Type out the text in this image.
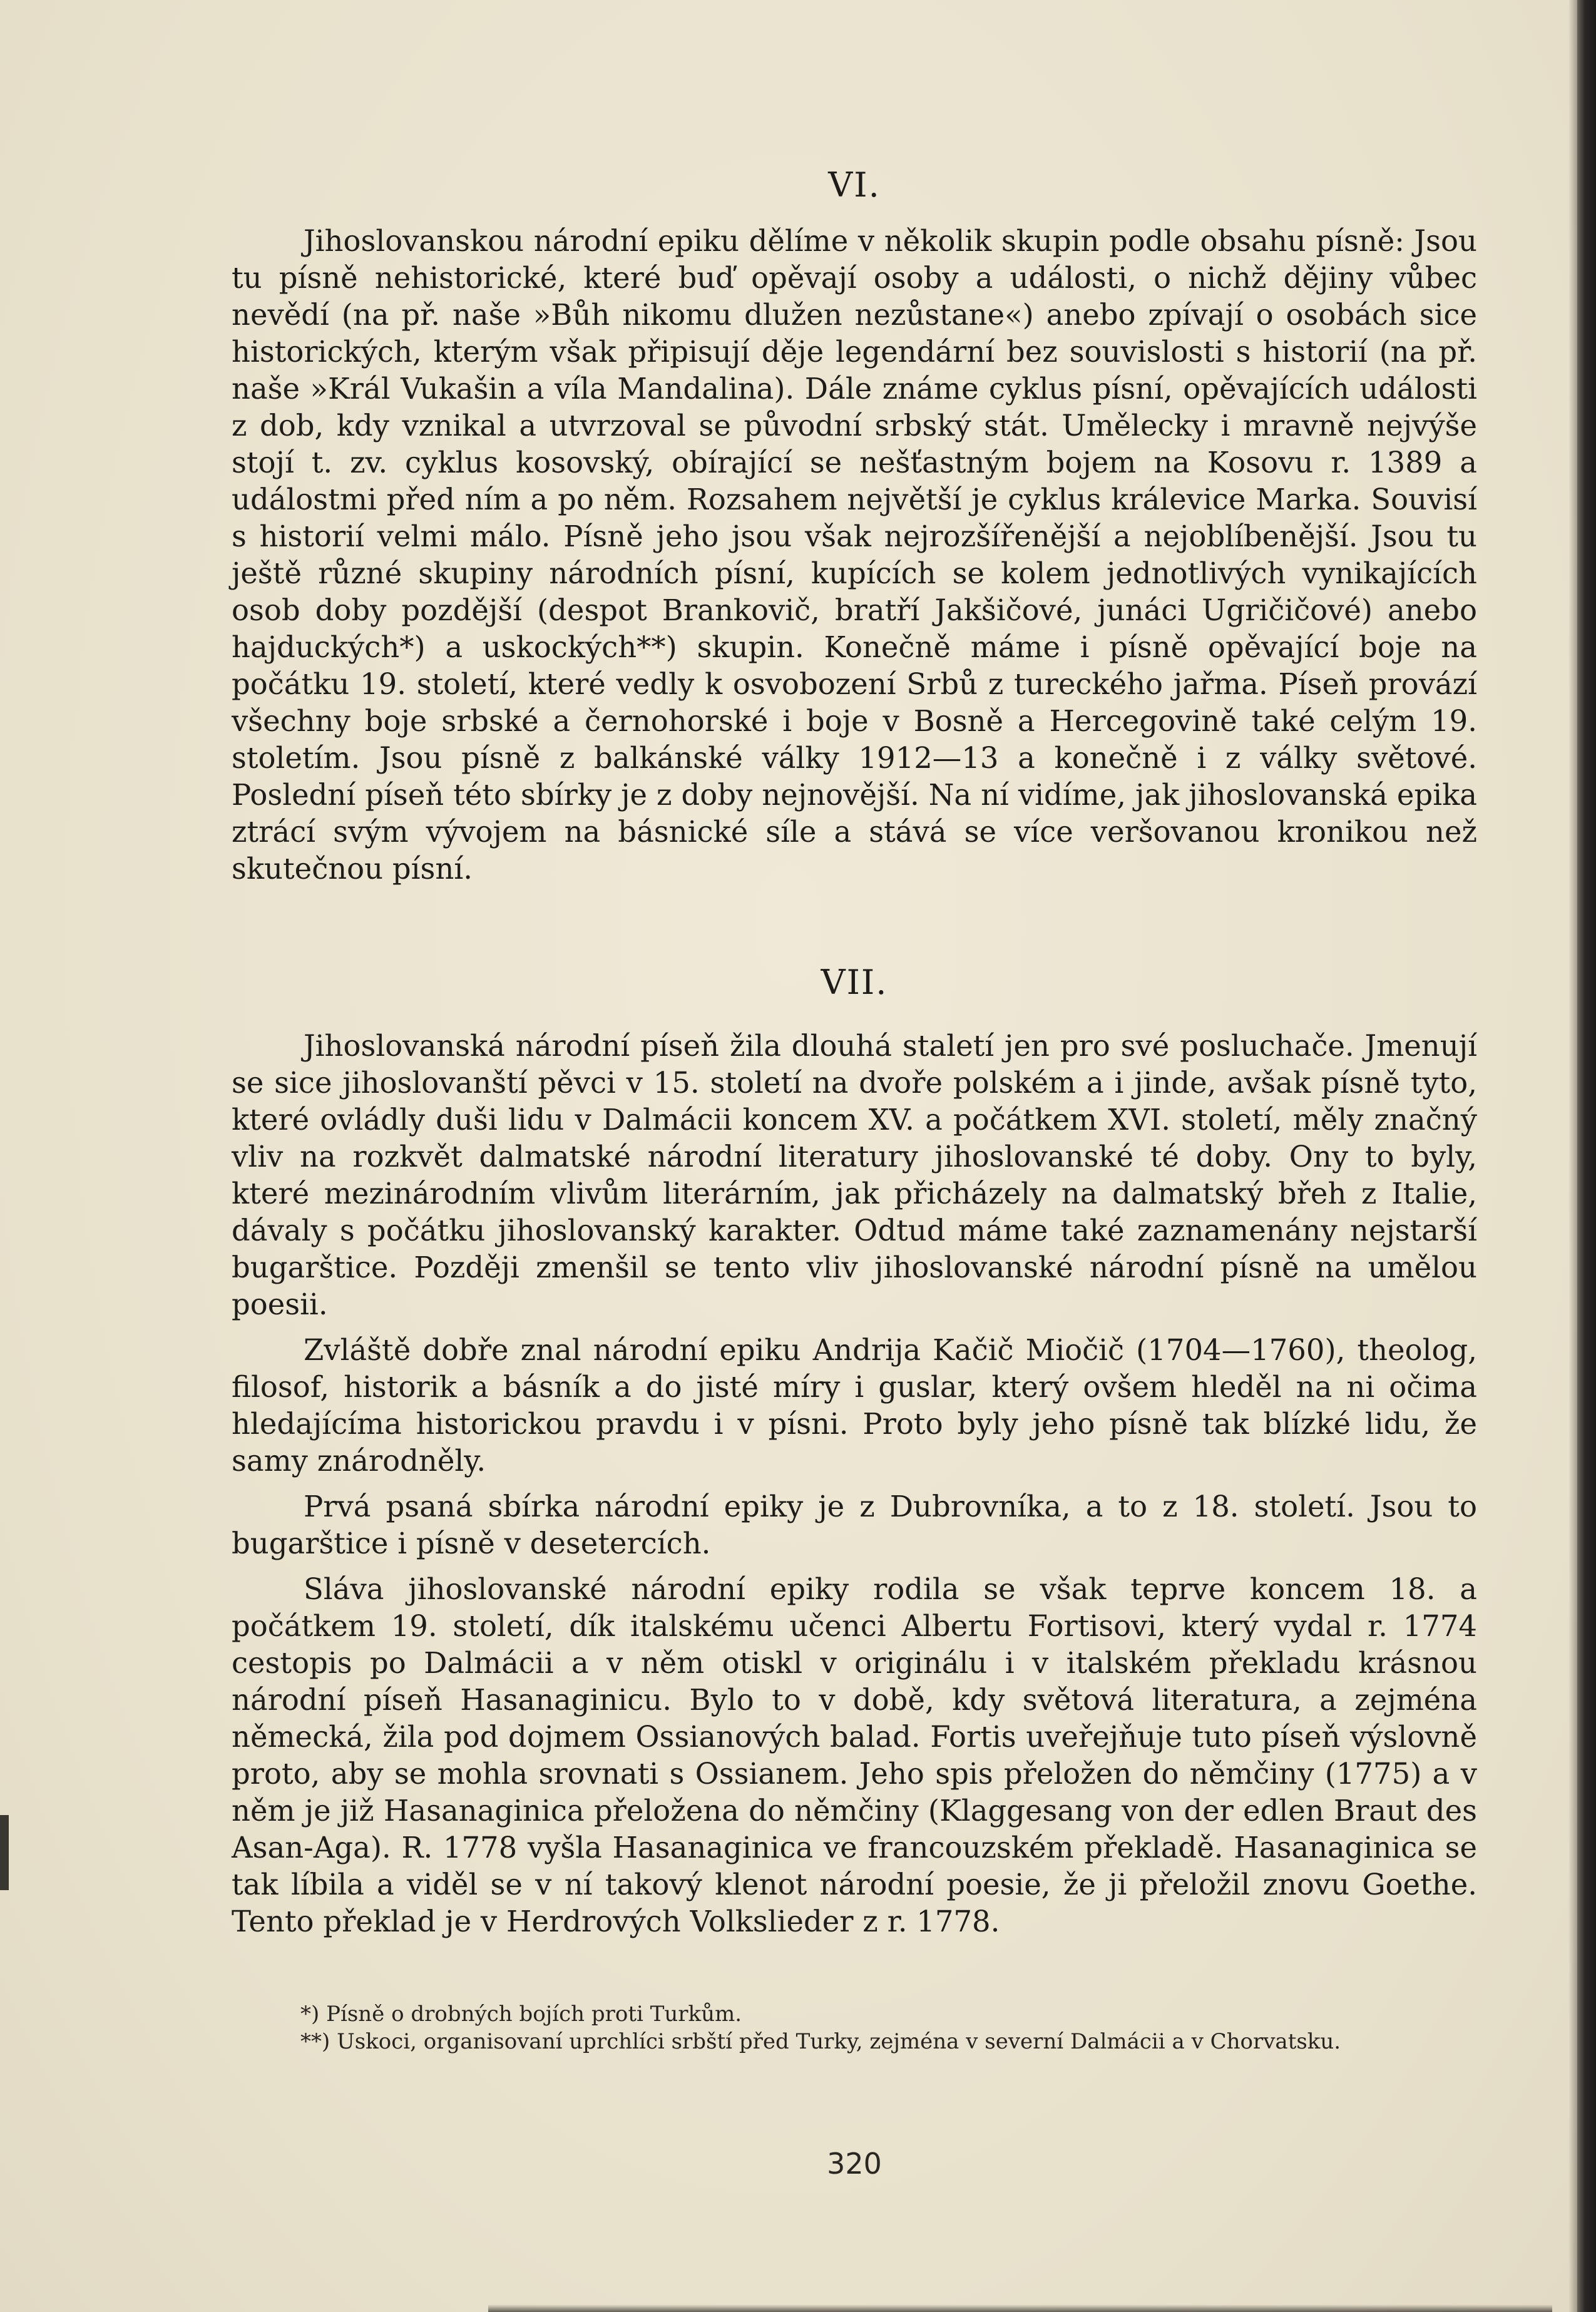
VI.

Jihoslovanskou národní epiku dělíme v několik skupin podle obsahu písně: Jsou tu písně nehistorické, které buď opěvají osoby a události, o nichž dějiny vůbec nevědí (na př. naše »Bůh nikomu dlužen nezůstane«) anebo zpívají o osobách sice historických, kterým však připisují děje legendární bez souvislosti s historií (na př. naše »Král Vukašin a víla Mandalina). Dále známe cyklus písní, opěvajících události z dob, kdy vznikal a utvrzoval se původní srbský stát. Umělecky i mravně nejvýše stojí t. zv. cyklus kosovský, obírající se nešťastným bojem na Kosovu r. 1389 a událostmi před ním a po něm. Rozsahem největší je cyklus králevice Marka. Souvisí s historií velmi málo. Písně jeho jsou však nejrozšířenější a nejoblíbenější. Jsou tu ještě různé skupiny národních písní, kupících se kolem jednotlivých vynikajících osob doby pozdější (despot Brankovič, bratří Jakšičové, junáci Ugričičové) anebo hajduckých*) a uskockých**) skupin. Konečně máme i písně opěvající boje na počátku 19. století, které vedly k osvobození Srbů z tureckého jařma. Píseň provází všechny boje srbské a černohorské i boje v Bosně a Hercegovině také celým 19. stoletím. Jsou písně z balkánské války 1912—13 a konečně i z války světové. Poslední píseň této sbírky je z doby nejnovější. Na ní vidíme, jak jihoslovanská epika ztrácí svým vývojem na básnické síle a stává se více veršovanou kronikou než skutečnou písní.

VII.

Jihoslovanská národní píseň žila dlouhá staletí jen pro své posluchače. Jmenují se sice jihoslovanští pěvci v 15. století na dvoře polském a i jinde, avšak písně tyto, které ovládly duši lidu v Dalmácii koncem XV. a počátkem XVI. století, měly značný vliv na rozkvět dalmatské národní literatury jihoslovanské té doby. Ony to byly, které mezinárodním vlivům literárním, jak přicházely na dalmatský břeh z Italie, dávaly s počátku jihoslovanský karakter. Odtud máme také zaznamenány nejstarší bugarštice. Později zmenšil se tento vliv jihoslovanské národní písně na umělou poesii.

Zvláště dobře znal národní epiku Andrija Kačič Miočič (1704—1760), theolog, filosof, historik a básník a do jisté míry i guslar, který ovšem hleděl na ni očima hledajícíma historickou pravdu i v písni. Proto byly jeho písně tak blízké lidu, že samy znárodněly.

Prvá psaná sbírka národní epiky je z Dubrovníka, a to z 18. století. Jsou to bugarštice i písně v desetercích.

Sláva jihoslovanské národní epiky rodila se však teprve koncem 18. a počátkem 19. století, dík italskému učenci Albertu Fortisovi, který vydal r. 1774 cestopis po Dalmácii a v něm otiskl v originálu i v italském překladu krásnou národní píseň Hasanaginicu. Bylo to v době, kdy světová literatura, a zejména německá, žila pod dojmem Ossianových balad. Fortis uveřejňuje tuto píseň výslovně proto, aby se mohla srovnati s Ossianem. Jeho spis přeložen do němčiny (1775) a v něm je již Hasanaginica přeložena do němčiny (Klaggesang von der edlen Braut des Asan-Aga). R. 1778 vyšla Hasanaginica ve francouzském překladě. Hasanaginica se tak líbila a viděl se v ní takový klenot národní poesie, že ji přeložil znovu Goethe. Tento překlad je v Herdrových Volkslieder z r. 1778.

*) Písně o drobných bojích proti Turkům.

**) Uskoci, organisovaní uprchlíci srbští před Turky, zejména v severní Dalmácii a v Chorvatsku.

320
